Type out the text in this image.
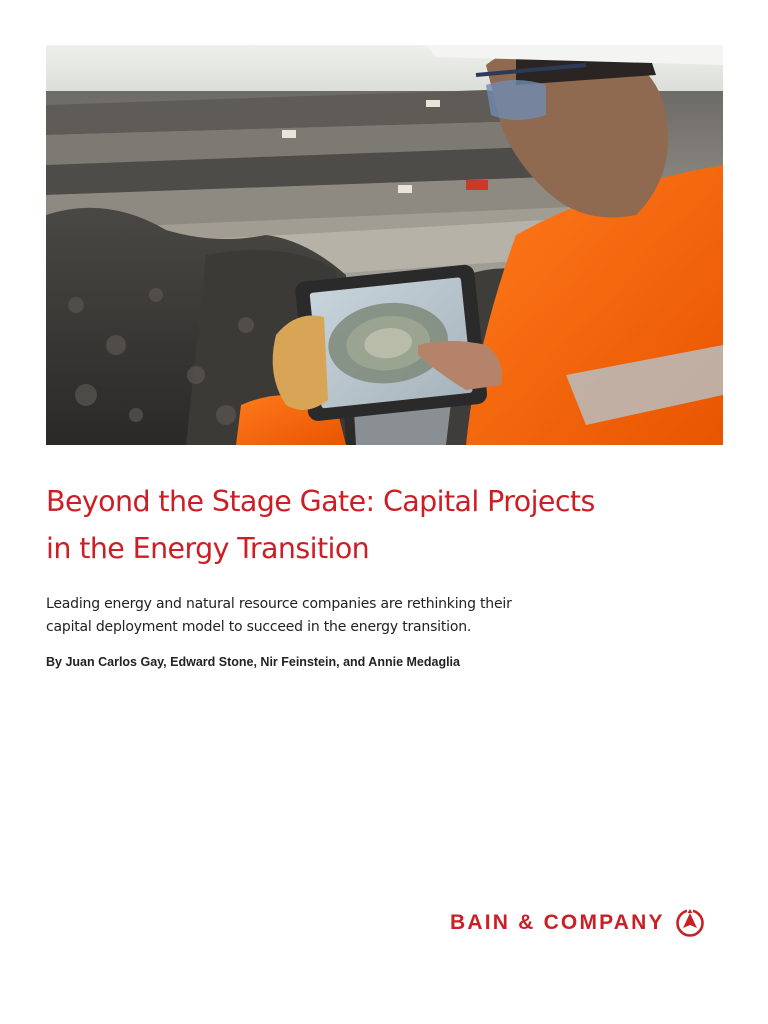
Beyond the Stage Gate: Capital Projects
in the Energy Transition

Leading energy and natural resource companies are rethinking their
capital deployment model to succeed in the energy transition.

By Juan Carlos Gay, Edward Stone, Nir Feinstein, and Annie Medaglia

BAIN & COMPANY
